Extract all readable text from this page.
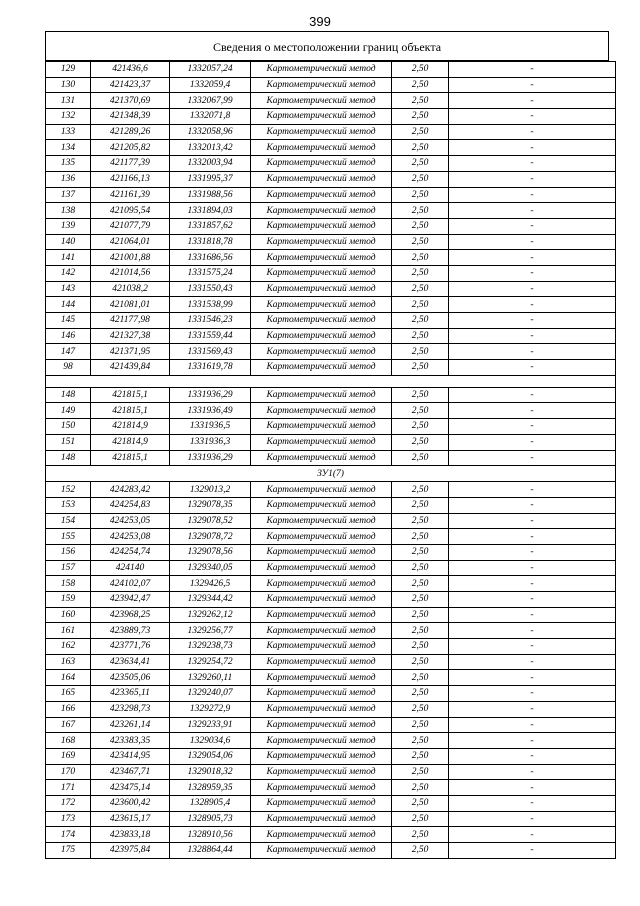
399
Сведения о местоположении границ объекта
129	421436,6	1332057,24	Картометрический метод	2,50	-
130	421423,37	1332059,4	Картометрический метод	2,50	-
131	421370,69	1332067,99	Картометрический метод	2,50	-
132	421348,39	1332071,8	Картометрический метод	2,50	-
133	421289,26	1332058,96	Картометрический метод	2,50	-
134	421205,82	1332013,42	Картометрический метод	2,50	-
135	421177,39	1332003,94	Картометрический метод	2,50	-
136	421166,13	1331995,37	Картометрический метод	2,50	-
137	421161,39	1331988,56	Картометрический метод	2,50	-
138	421095,54	1331894,03	Картометрический метод	2,50	-
139	421077,79	1331857,62	Картометрический метод	2,50	-
140	421064,01	1331818,78	Картометрический метод	2,50	-
141	421001,88	1331686,56	Картометрический метод	2,50	-
142	421014,56	1331575,24	Картометрический метод	2,50	-
143	421038,2	1331550,43	Картометрический метод	2,50	-
144	421081,01	1331538,99	Картометрический метод	2,50	-
145	421177,98	1331546,23	Картометрический метод	2,50	-
146	421327,38	1331559,44	Картометрический метод	2,50	-
147	421371,95	1331569,43	Картометрический метод	2,50	-
98	421439,84	1331619,78	Картометрический метод	2,50	-

148	421815,1	1331936,29	Картометрический метод	2,50	-
149	421815,1	1331936,49	Картометрический метод	2,50	-
150	421814,9	1331936,5	Картометрический метод	2,50	-
151	421814,9	1331936,3	Картометрический метод	2,50	-
148	421815,1	1331936,29	Картометрический метод	2,50	-
ЗУ1(7)					
152	424283,42	1329013,2	Картометрический метод	2,50	-
153	424254,83	1329078,35	Картометрический метод	2,50	-
154	424253,05	1329078,52	Картометрический метод	2,50	-
155	424253,08	1329078,72	Картометрический метод	2,50	-
156	424254,74	1329078,56	Картометрический метод	2,50	-
157	424140	1329340,05	Картометрический метод	2,50	-
158	424102,07	1329426,5	Картометрический метод	2,50	-
159	423942,47	1329344,42	Картометрический метод	2,50	-
160	423968,25	1329262,12	Картометрический метод	2,50	-
161	423889,73	1329256,77	Картометрический метод	2,50	-
162	423771,76	1329238,73	Картометрический метод	2,50	-
163	423634,41	1329254,72	Картометрический метод	2,50	-
164	423505,06	1329260,11	Картометрический метод	2,50	-
165	423365,11	1329240,07	Картометрический метод	2,50	-
166	423298,73	1329272,9	Картометрический метод	2,50	-
167	423261,14	1329233,91	Картометрический метод	2,50	-
168	423383,35	1329034,6	Картометрический метод	2,50	-
169	423414,95	1329054,06	Картометрический метод	2,50	-
170	423467,71	1329018,32	Картометрический метод	2,50	-
171	423475,14	1328959,35	Картометрический метод	2,50	-
172	423600,42	1328905,4	Картометрический метод	2,50	-
173	423615,17	1328905,73	Картометрический метод	2,50	-
174	423833,18	1328910,56	Картометрический метод	2,50	-
175	423975,84	1328864,44	Картометрический метод	2,50	-
